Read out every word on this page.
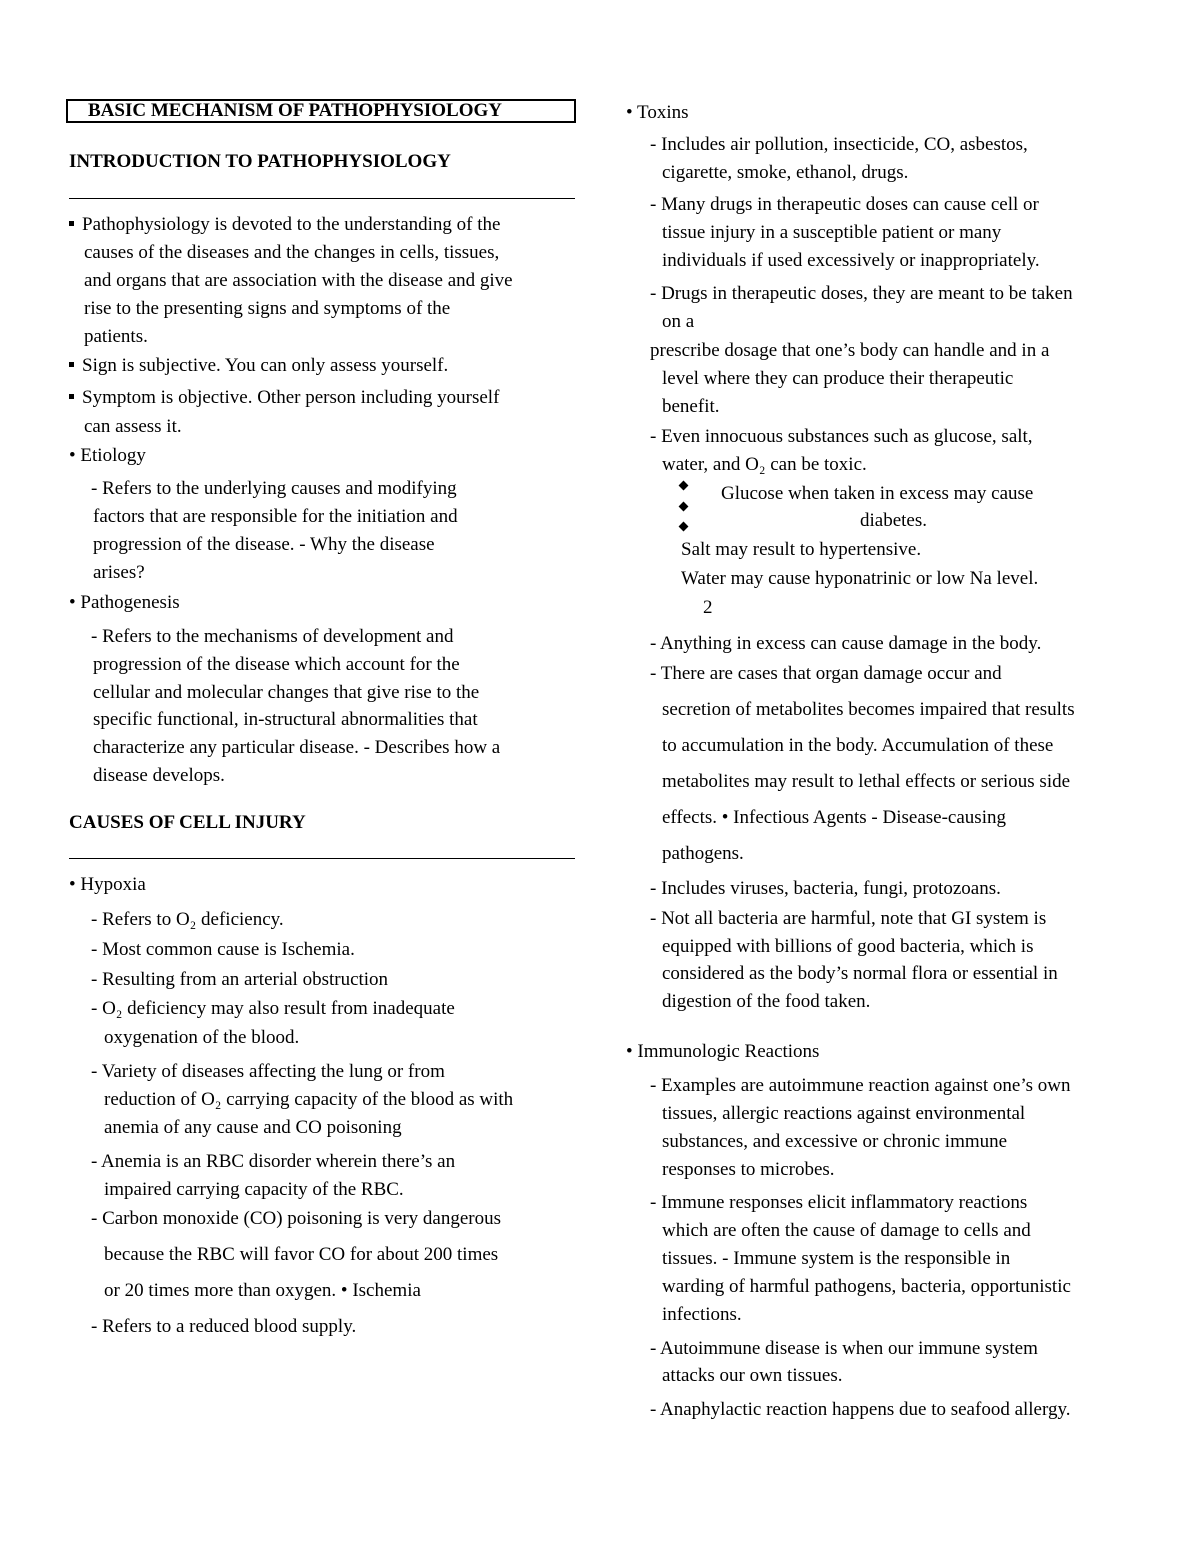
BASIC MECHANISM OF PATHOPHYSIOLOGY
INTRODUCTION TO PATHOPHYSIOLOGY
Pathophysiology is devoted to the understanding of the
causes of the diseases and the changes in cells, tissues,
and organs that are association with the disease and give
rise to the presenting signs and symptoms of the
patients.
Sign is subjective. You can only assess yourself.
Symptom is objective. Other person including yourself
can assess it.
• Etiology
- Refers to the underlying causes and modifying
factors that are responsible for the initiation and
progression of the disease. - Why the disease
arises?
• Pathogenesis
- Refers to the mechanisms of development and
progression of the disease which account for the
cellular and molecular changes that give rise to the
specific functional, in-structural abnormalities that
characterize any particular disease. - Describes how a
disease develops.
CAUSES OF CELL INJURY
• Hypoxia
- Refers to O₂ deficiency.
- Most common cause is Ischemia.
- Resulting from an arterial obstruction
- O₂ deficiency may also result from inadequate
oxygenation of the blood.
- Variety of diseases affecting the lung or from
reduction of O₂ carrying capacity of the blood as with
anemia of any cause and CO poisoning
- Anemia is an RBC disorder wherein there’s an
impaired carrying capacity of the RBC.
- Carbon monoxide (CO) poisoning is very dangerous
because the RBC will favor CO for about 200 times
or 20 times more than oxygen. • Ischemia
- Refers to a reduced blood supply.
• Toxins
- Includes air pollution, insecticide, CO, asbestos,
cigarette, smoke, ethanol, drugs.
- Many drugs in therapeutic doses can cause cell or
tissue injury in a susceptible patient or many
individuals if used excessively or inappropriately.
- Drugs in therapeutic doses, they are meant to be taken
on a
prescribe dosage that one’s body can handle and in a
level where they can produce their therapeutic
benefit.
- Even innocuous substances such as glucose, salt,
water, and O₂ can be toxic.
Glucose when taken in excess may cause
diabetes.
Salt may result to hypertensive.
Water may cause hyponatrinic or low Na level.
2
- Anything in excess can cause damage in the body.
- There are cases that organ damage occur and
secretion of metabolites becomes impaired that results
to accumulation in the body. Accumulation of these
metabolites may result to lethal effects or serious side
effects. • Infectious Agents - Disease-causing
pathogens.
- Includes viruses, bacteria, fungi, protozoans.
- Not all bacteria are harmful, note that GI system is
equipped with billions of good bacteria, which is
considered as the body’s normal flora or essential in
digestion of the food taken.
• Immunologic Reactions
- Examples are autoimmune reaction against one’s own
tissues, allergic reactions against environmental
substances, and excessive or chronic immune
responses to microbes.
- Immune responses elicit inflammatory reactions
which are often the cause of damage to cells and
tissues. - Immune system is the responsible in
warding of harmful pathogens, bacteria, opportunistic
infections.
- Autoimmune disease is when our immune system
attacks our own tissues.
- Anaphylactic reaction happens due to seafood allergy.
